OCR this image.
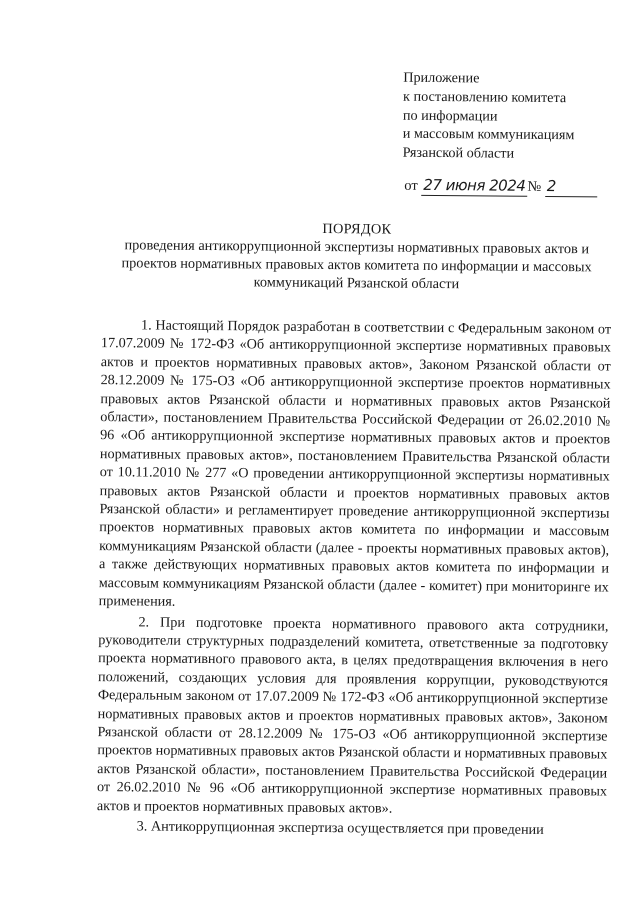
Приложение
к постановлению комитета
по информации
и массовым коммуникациям
Рязанской области
от 27 июня 2024 № 2
ПОРЯДОК
проведения антикоррупционной экспертизы нормативных правовых актов и проектов нормативных правовых актов комитета по информации и массовых коммуникаций Рязанской области

1. Настоящий Порядок разработан в соответствии с Федеральным законом от 17.07.2009 № 172-ФЗ «Об антикоррупционной экспертизе нормативных правовых актов и проектов нормативных правовых актов», Законом Рязанской области от 28.12.2009 № 175-ОЗ «Об антикоррупционной экспертизе проектов нормативных правовых актов Рязанской области и нормативных правовых актов Рязанской области», постановлением Правительства Российской Федерации от 26.02.2010 № 96 «Об антикоррупционной экспертизе нормативных правовых актов и проектов нормативных правовых актов», постановлением Правительства Рязанской области от 10.11.2010 № 277 «О проведении антикоррупционной экспертизы нормативных правовых актов Рязанской области и проектов нормативных правовых актов Рязанской области» и регламентирует проведение антикоррупционной экспертизы проектов нормативных правовых актов комитета по информации и массовым коммуникациям Рязанской области (далее - проекты нормативных правовых актов), а также действующих нормативных правовых актов комитета по информации и массовым коммуникациям Рязанской области (далее - комитет) при мониторинге их применения.

2. При подготовке проекта нормативного правового акта сотрудники, руководители структурных подразделений комитета, ответственные за подготовку проекта нормативного правового акта, в целях предотвращения включения в него положений, создающих условия для проявления коррупции, руководствуются Федеральным законом от 17.07.2009 № 172-ФЗ «Об антикоррупционной экспертизе нормативных правовых актов и проектов нормативных правовых актов», Законом Рязанской области от 28.12.2009 № 175-ОЗ «Об антикоррупционной экспертизе проектов нормативных правовых актов Рязанской области и нормативных правовых актов Рязанской области», постановлением Правительства Российской Федерации от 26.02.2010 № 96 «Об антикоррупционной экспертизе нормативных правовых актов и проектов нормативных правовых актов».

3. Антикоррупционная экспертиза осуществляется при проведении
